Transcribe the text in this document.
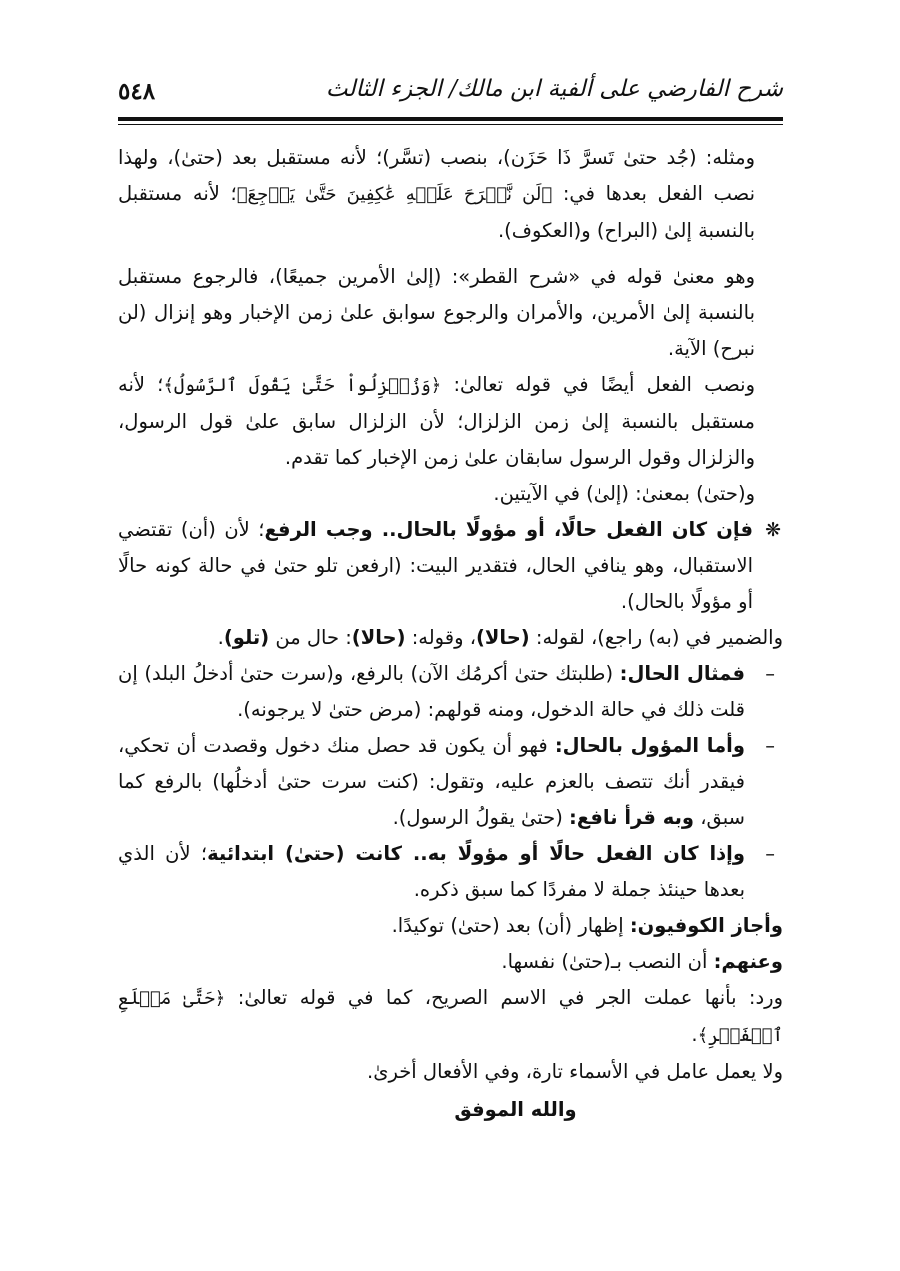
شرح الفارضي على ألفية ابن مالك/ الجزء الثالث
٥٤٨

ومثله: (جُد حتىٰ تَسرَّ ذَا حَزَن)، بنصب (تسَّر)؛ لأنه مستقبل بعد (حتىٰ)، ولهذا نصب الفعل بعدها في: ﴿لَن نَّبۡرَحَ عَلَيۡهِ عَٰكِفِينَ حَتَّىٰ يَرۡجِعَ﴾؛ لأنه مستقبل بالنسبة إلىٰ (البراح) و(العكوف).

وهو معنىٰ قوله في «شرح القطر»: (إلىٰ الأمرين جميعًا)، فالرجوع مستقبل بالنسبة إلىٰ الأمرين، والأمران والرجوع سوابق علىٰ زمن الإخبار وهو إنزال (لن نبرح) الآية.

ونصب الفعل أيضًا في قوله تعالىٰ: ﴿وَزُلۡزِلُواْ حَتَّىٰ يَقُولَ ٱلرَّسُولُ﴾؛ لأنه مستقبل بالنسبة إلىٰ زمن الزلزال؛ لأن الزلزال سابق علىٰ قول الرسول، والزلزال وقول الرسول سابقان علىٰ زمن الإخبار كما تقدم.

و(حتىٰ) بمعنىٰ: (إلىٰ) في الآيتين.

❋
فإن كان الفعل حالًا، أو مؤولًا بالحال.. وجب الرفع؛ لأن (أن) تقتضي الاستقبال، وهو ينافي الحال، فتقدير البيت: (ارفعن تلو حتىٰ في حالة كونه حالًا أو مؤولًا بالحال).

والضمير في (به) راجع)، لقوله: (حالا)، وقوله: (حالا): حال من (تلو).

–
فمثال الحال: (طلبتك حتىٰ أكرمُك الآن) بالرفع، و(سرت حتىٰ أدخلُ البلد) إن قلت ذلك في حالة الدخول، ومنه قولهم: (مرض حتىٰ لا يرجونه).

–
وأما المؤول بالحال: فهو أن يكون قد حصل منك دخول وقصدت أن تحكي، فيقدر أنك تتصف بالعزم عليه، وتقول: (كنت سرت حتىٰ أدخلُها) بالرفع كما سبق، وبه قرأ نافع: (حتىٰ يقولُ الرسول).

–
وإذا كان الفعل حالًا أو مؤولًا به.. كانت (حتىٰ) ابتدائية؛ لأن الذي بعدها حينئذ جملة لا مفردًا كما سبق ذكره.

وأجاز الكوفيون: إظهار (أن) بعد (حتىٰ) توكيدًا.

وعنهم: أن النصب بـ(حتىٰ) نفسها.

ورد: بأنها عملت الجر في الاسم الصريح، كما في قوله تعالىٰ: ﴿حَتَّىٰ مَطۡلَعِ ٱلۡفَجۡرِ﴾.

ولا يعمل عامل في الأسماء تارة، وفي الأفعال أخرىٰ.

والله الموفق
